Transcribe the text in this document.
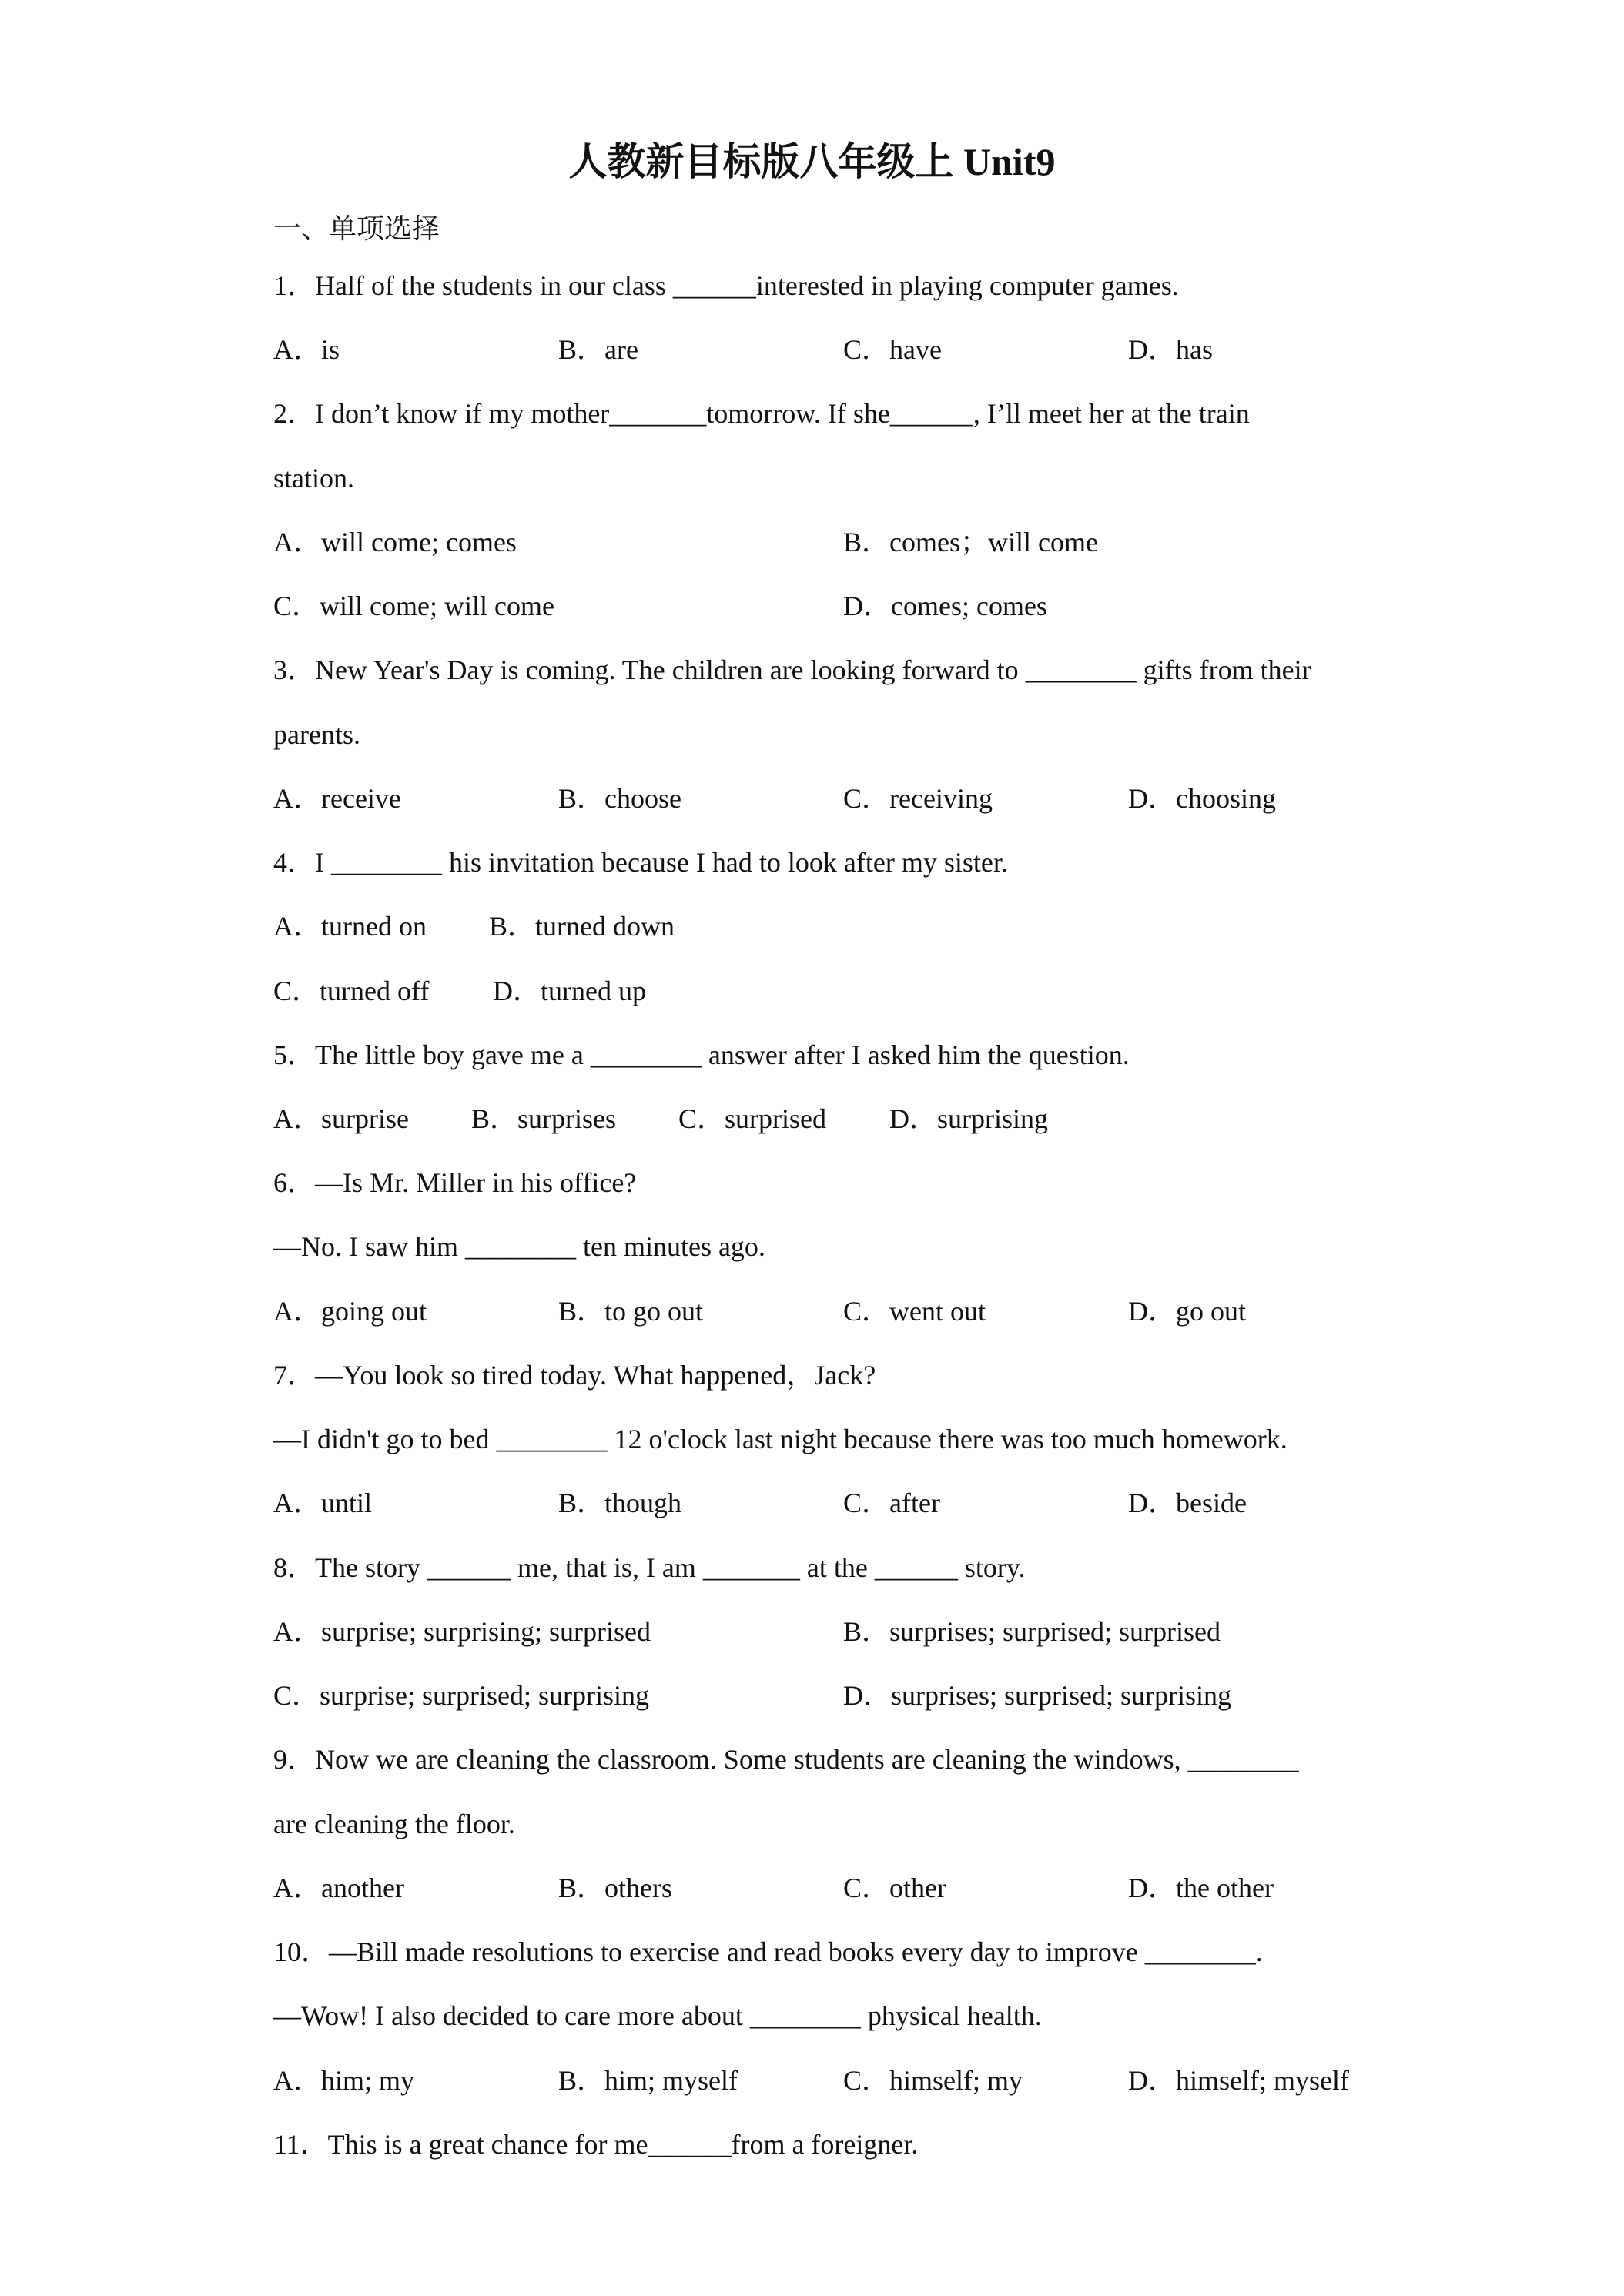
人教新目标版八年级上 Unit9
一、单项选择
1．Half of the students in our class ______interested in playing computer games.
A．is	B．are	C．have	D．has
2．I don’t know if my mother_______tomorrow. If she______, I’ll meet her at the train
station.
A．will come; comes	B．comes；will come
C．will come; will come	D．comes; comes
3．New Year's Day is coming. The children are looking forward to ________ gifts from their
parents.
A．receive	B．choose	C．receiving	D．choosing
4．I ________ his invitation because I had to look after my sister.
A．turned on B．turned down
C．turned off D．turned up
5．The little boy gave me a ________ answer after I asked him the question.
A．surprise B．surprises C．surprised D．surprising
6．—Is Mr. Miller in his office?
—No. I saw him ________ ten minutes ago.
A．going out	B．to go out	C．went out	D．go out
7．—You look so tired today. What happened，Jack?
—I didn't go to bed ________ 12 o'clock last night because there was too much homework.
A．until	B．though	C．after	D．beside
8．The story ______ me, that is, I am _______ at the ______ story.
A．surprise; surprising; surprised	B．surprises; surprised; surprised
C．surprise; surprised; surprising	D．surprises; surprised; surprising
9．Now we are cleaning the classroom. Some students are cleaning the windows, ________
are cleaning the floor.
A．another	B．others	C．other	D．the other
10．—Bill made resolutions to exercise and read books every day to improve ________.
—Wow! I also decided to care more about ________ physical health.
A．him; my	B．him; myself	C．himself; my	D．himself; myself
11．This is a great chance for me______from a foreigner.
